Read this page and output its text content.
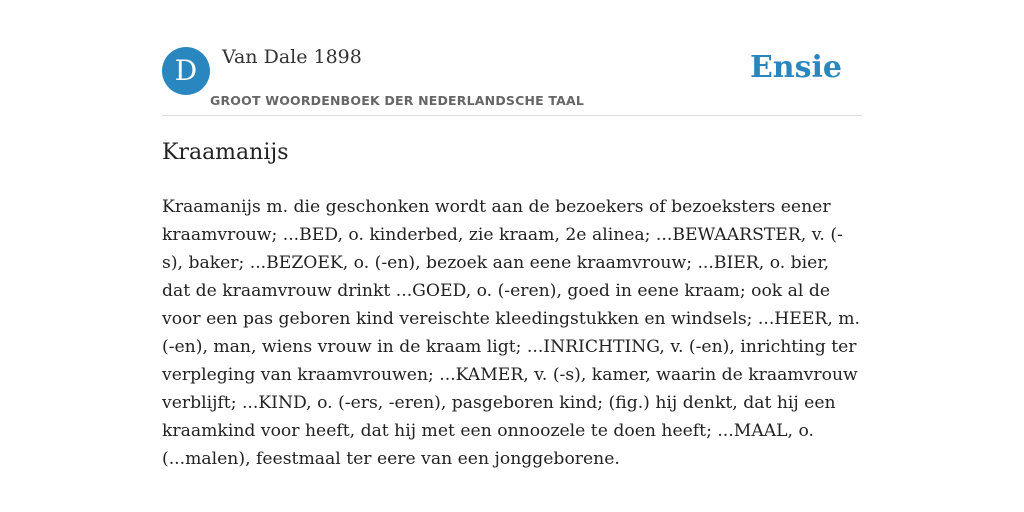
D	Van Dale 1898
GROOT WOORDENBOEK DER NEDERLANDSCHE TAAL
Ensie
Kraamanijs

Kraamanijs m. die geschonken wordt aan de bezoekers of bezoeksters eener kraamvrouw; ...BED, o. kinderbed, zie kraam, 2e alinea; ...BEWAARSTER, v. (-s), baker; ...BEZOEK, o. (-en), bezoek aan eene kraamvrouw; ...BIER, o. bier, dat de kraamvrouw drinkt ...GOED, o. (-eren), goed in eene kraam; ook al de voor een pas geboren kind vereischte kleedingstukken en windsels; ...HEER, m. (-en), man, wiens vrouw in de kraam ligt; ...INRICHTING, v. (-en), inrichting ter verpleging van kraamvrouwen; ...KAMER, v. (-s), kamer, waarin de kraamvrouw verblijft; ...KIND, o. (-ers, -eren), pasgeboren kind; (fig.) hij denkt, dat hij een kraamkind voor heeft, dat hij met een onnoozele te doen heeft; ...MAAL, o. (...malen), feestmaal ter eere van een jonggeborene.
